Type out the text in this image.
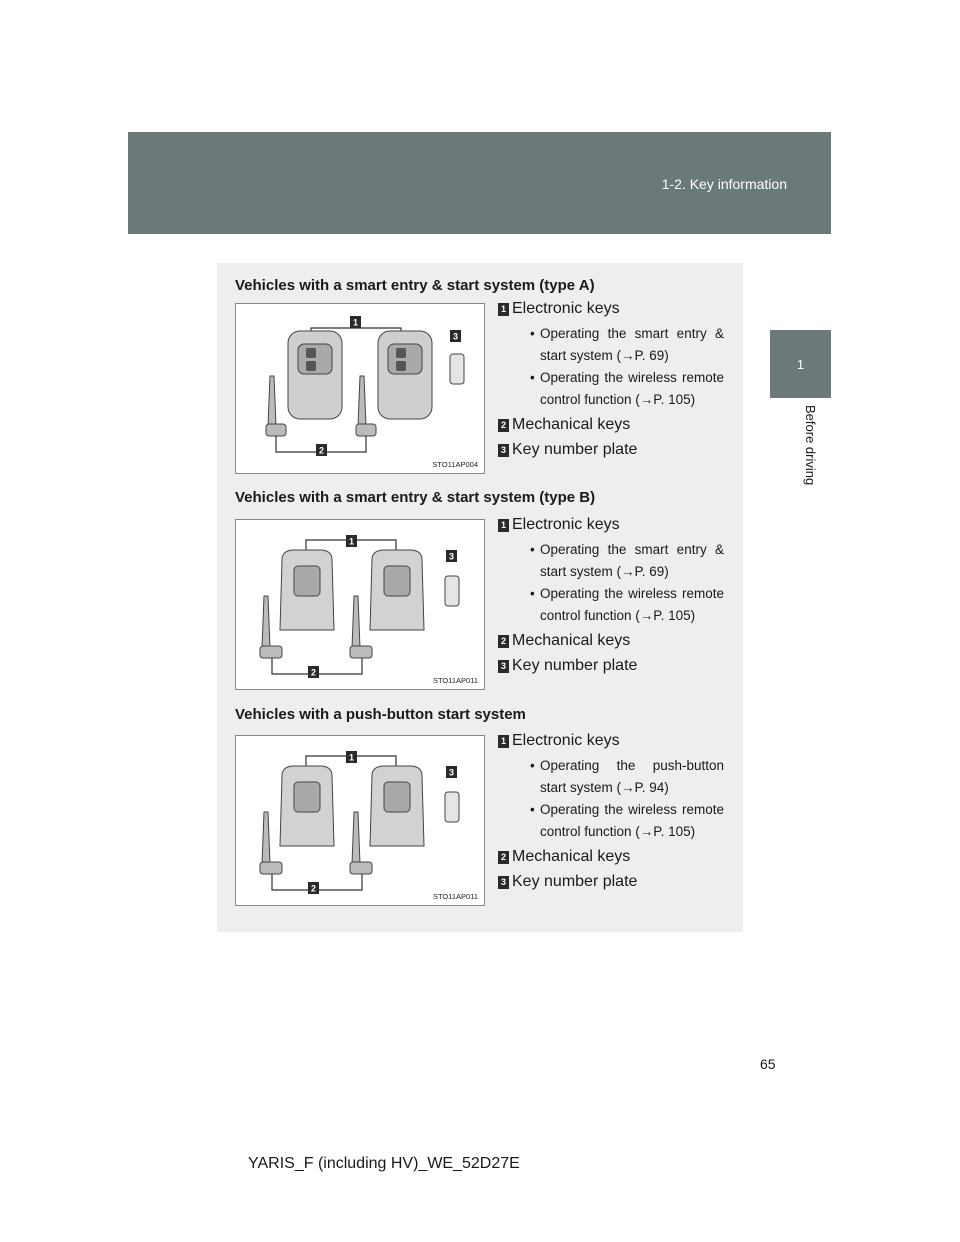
1-2. Key information
1
Before driving
Vehicles with a smart entry & start system (type A)
1
2
3
STO11AP004
1 Electronic keys
• Operating the smart entry & start system (→P. 69)
• Operating the wireless remote control function (→P. 105)
2 Mechanical keys
3 Key number plate
Vehicles with a smart entry & start system (type B)
1
2
3
STO11AP011
1 Electronic keys
• Operating the smart entry & start system (→P. 69)
• Operating the wireless remote control function (→P. 105)
2 Mechanical keys
3 Key number plate
Vehicles with a push-button start system
1
2
3
STO11AP011
1 Electronic keys
• Operating the push-button start system (→P. 94)
• Operating the wireless remote control function (→P. 105)
2 Mechanical keys
3 Key number plate
65
YARIS_F (including HV)_WE_52D27E
